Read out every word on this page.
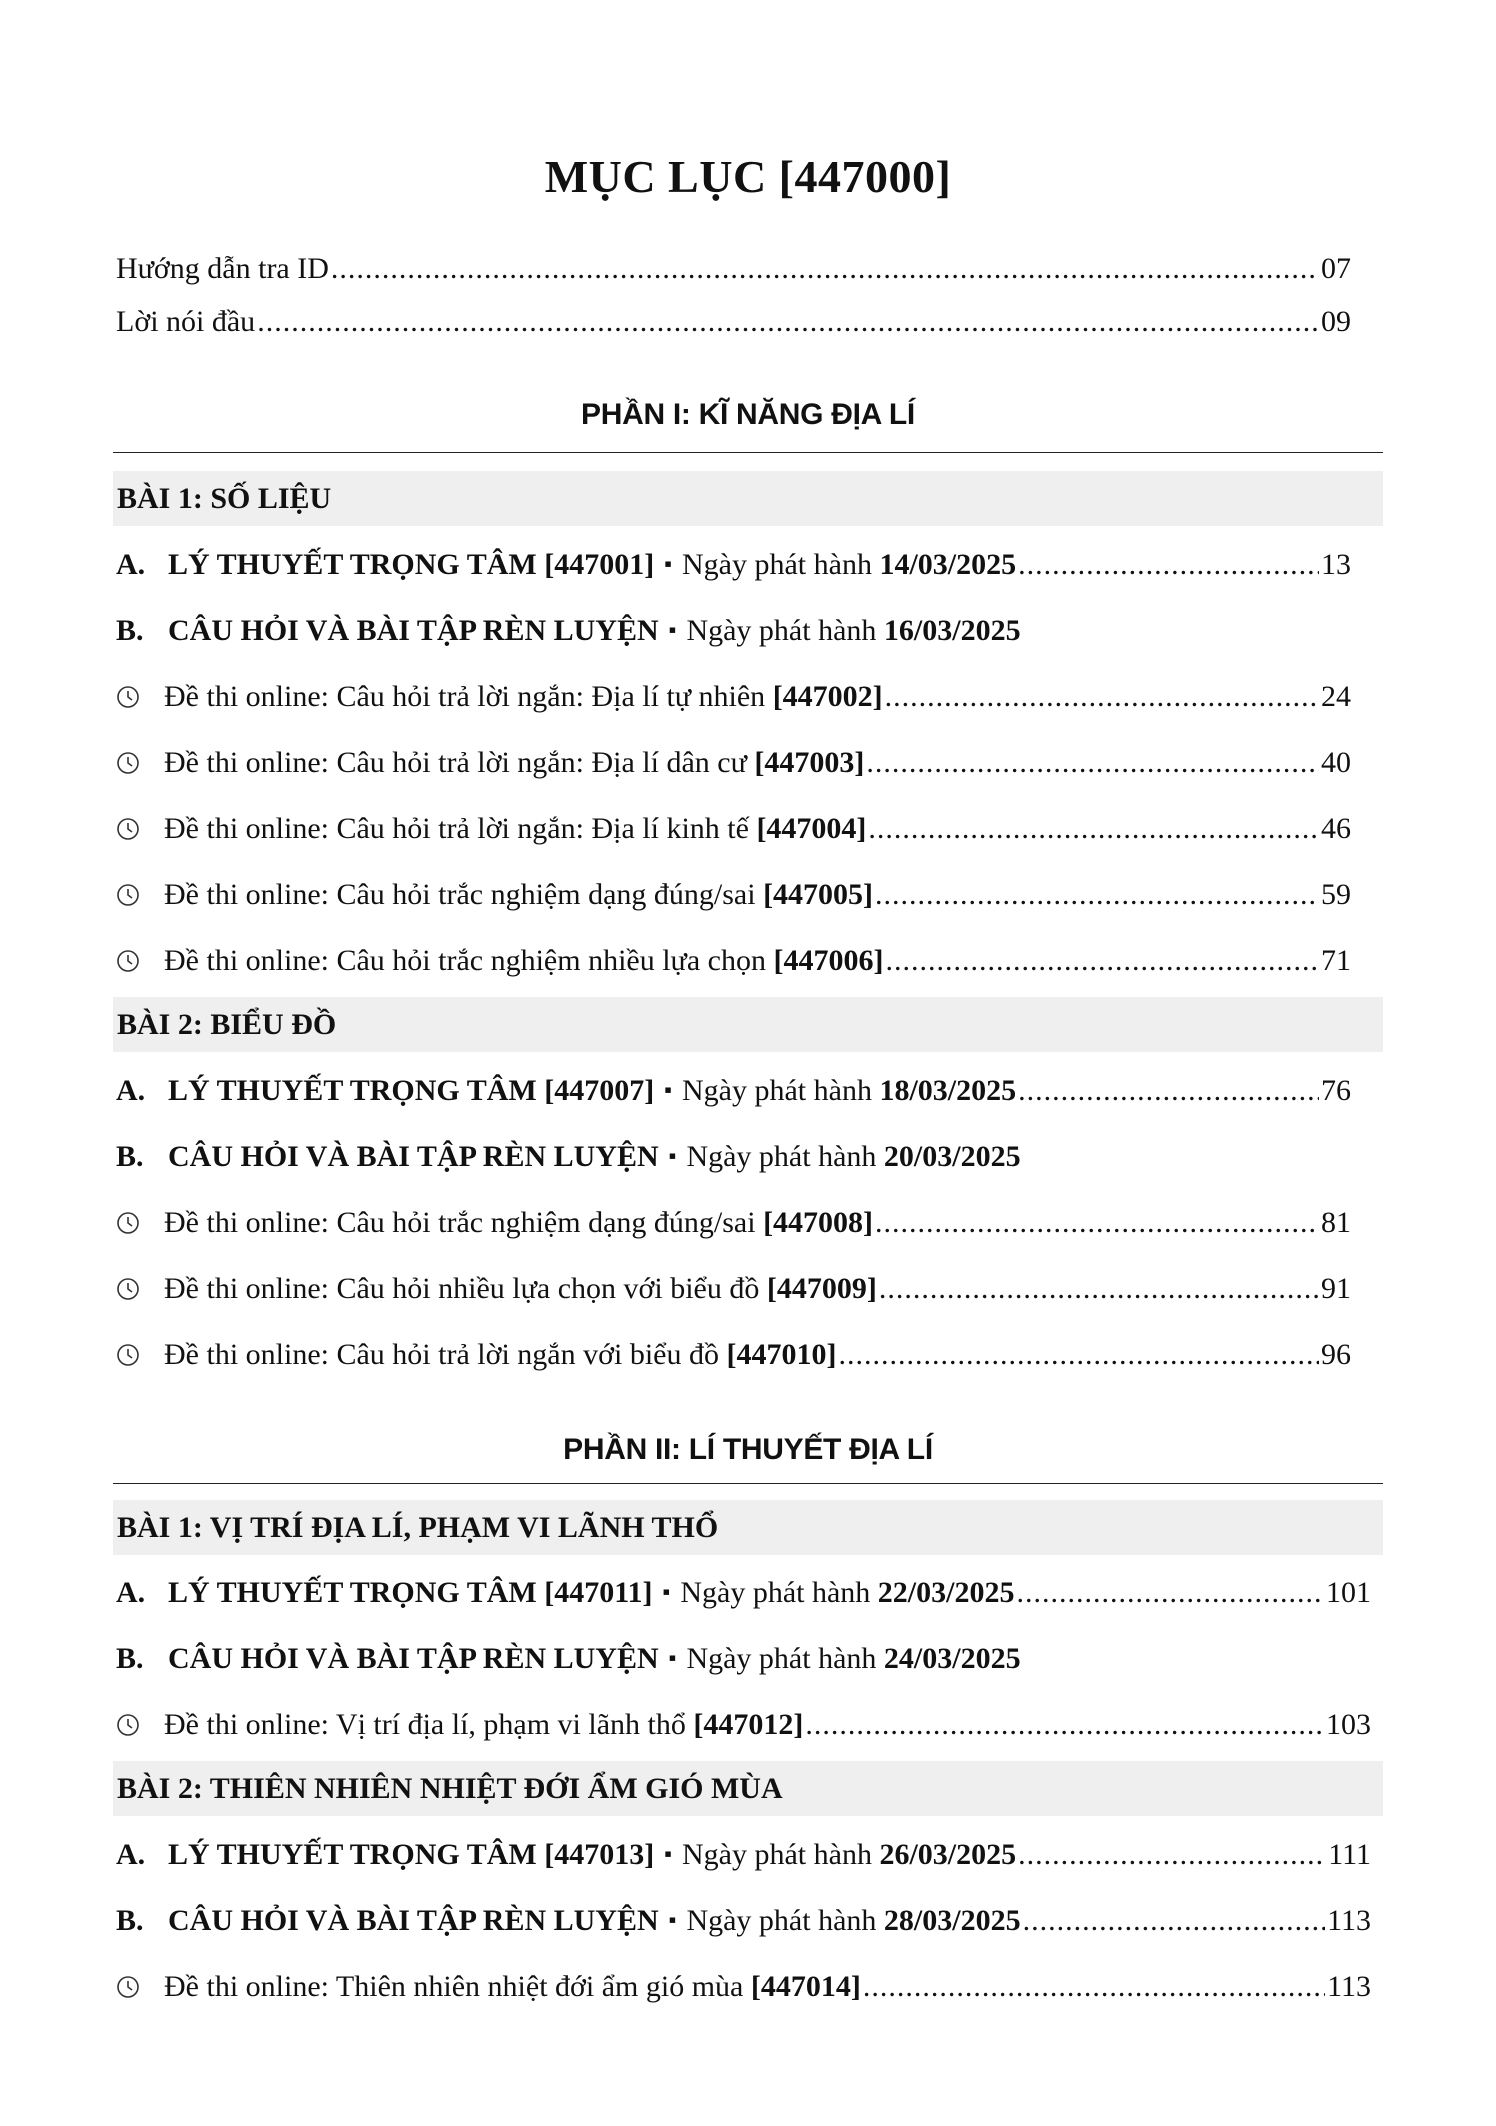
MỤC LỤC [447000]
Hướng dẫn tra ID .....	07
Lời nói đầu .....	09
PHẦN I: KĨ NĂNG ĐỊA LÍ
BÀI 1: SỐ LIỆU
A. LÝ THUYẾT TRỌNG TÂM [447001] ▪ Ngày phát hành 14/03/2025 .....	13
B. CÂU HỎI VÀ BÀI TẬP RÈN LUYỆN ▪ Ngày phát hành 16/03/2025
Đề thi online: Câu hỏi trả lời ngắn: Địa lí tự nhiên [447002] .....	24
Đề thi online: Câu hỏi trả lời ngắn: Địa lí dân cư [447003] .....	40
Đề thi online: Câu hỏi trả lời ngắn: Địa lí kinh tế [447004] .....	46
Đề thi online: Câu hỏi trắc nghiệm dạng đúng/sai [447005] .....	59
Đề thi online: Câu hỏi trắc nghiệm nhiều lựa chọn [447006] .....	71
BÀI 2: BIỂU ĐỒ
A. LÝ THUYẾT TRỌNG TÂM [447007] ▪ Ngày phát hành 18/03/2025 .....	76
B. CÂU HỎI VÀ BÀI TẬP RÈN LUYỆN ▪ Ngày phát hành 20/03/2025
Đề thi online: Câu hỏi trắc nghiệm dạng đúng/sai [447008] .....	81
Đề thi online: Câu hỏi nhiều lựa chọn với biểu đồ [447009] .....	91
Đề thi online: Câu hỏi trả lời ngắn với biểu đồ [447010] .....	96
PHẦN II: LÍ THUYẾT ĐỊA LÍ
BÀI 1: VỊ TRÍ ĐỊA LÍ, PHẠM VI LÃNH THỔ
A. LÝ THUYẾT TRỌNG TÂM [447011] ▪ Ngày phát hành 22/03/2025 .....	101
B. CÂU HỎI VÀ BÀI TẬP RÈN LUYỆN ▪ Ngày phát hành 24/03/2025
Đề thi online: Vị trí địa lí, phạm vi lãnh thổ [447012] .....	103
BÀI 2: THIÊN NHIÊN NHIỆT ĐỚI ẨM GIÓ MÙA
A. LÝ THUYẾT TRỌNG TÂM [447013] ▪ Ngày phát hành 26/03/2025 .....	111
B. CÂU HỎI VÀ BÀI TẬP RÈN LUYỆN ▪ Ngày phát hành 28/03/2025 .....	113
Đề thi online: Thiên nhiên nhiệt đới ẩm gió mùa [447014] .....	113
